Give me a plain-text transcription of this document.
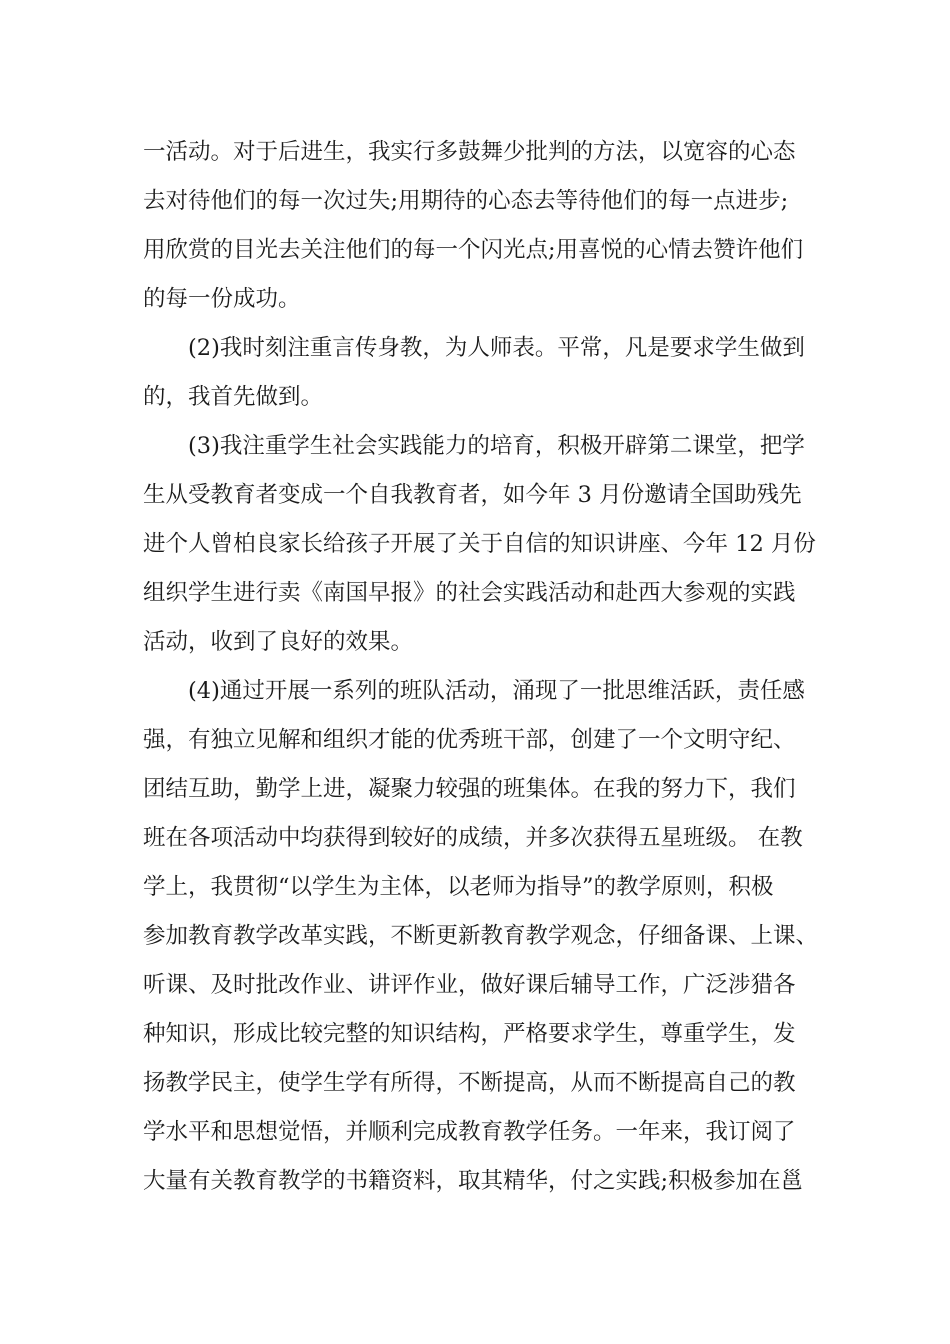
一活动。对于后进生，我实行多鼓舞少批判的方法，以宽容的心态
去对待他们的每一次过失;用期待的心态去等待他们的每一点进步;
用欣赏的目光去关注他们的每一个闪光点;用喜悦的心情去赞许他们
的每一份成功。
　　(2)我时刻注重言传身教，为人师表。平常，凡是要求学生做到
的，我首先做到。
　　(3)我注重学生社会实践能力的培育，积极开辟第二课堂，把学
生从受教育者变成一个自我教育者，如今年 3 月份邀请全国助残先
进个人曾柏良家长给孩子开展了关于自信的知识讲座、今年 12 月份
组织学生进行卖《南国早报》的社会实践活动和赴西大参观的实践
活动，收到了良好的效果。
　　(4)通过开展一系列的班队活动，涌现了一批思维活跃，责任感
强，有独立见解和组织才能的优秀班干部，创建了一个文明守纪、
团结互助，勤学上进，凝聚力较强的班集体。在我的努力下，我们
班在各项活动中均获得到较好的成绩，并多次获得五星班级。 在教
学上，我贯彻“以学生为主体，以老师为指导”的教学原则，积极
参加教育教学改革实践，不断更新教育教学观念，仔细备课、上课、
听课、及时批改作业、讲评作业，做好课后辅导工作，广泛涉猎各
种知识，形成比较完整的知识结构，严格要求学生，尊重学生，发
扬教学民主，使学生学有所得，不断提高，从而不断提高自己的教
学水平和思想觉悟，并顺利完成教育教学任务。一年来，我订阅了
大量有关教育教学的书籍资料，取其精华，付之实践;积极参加在邕
